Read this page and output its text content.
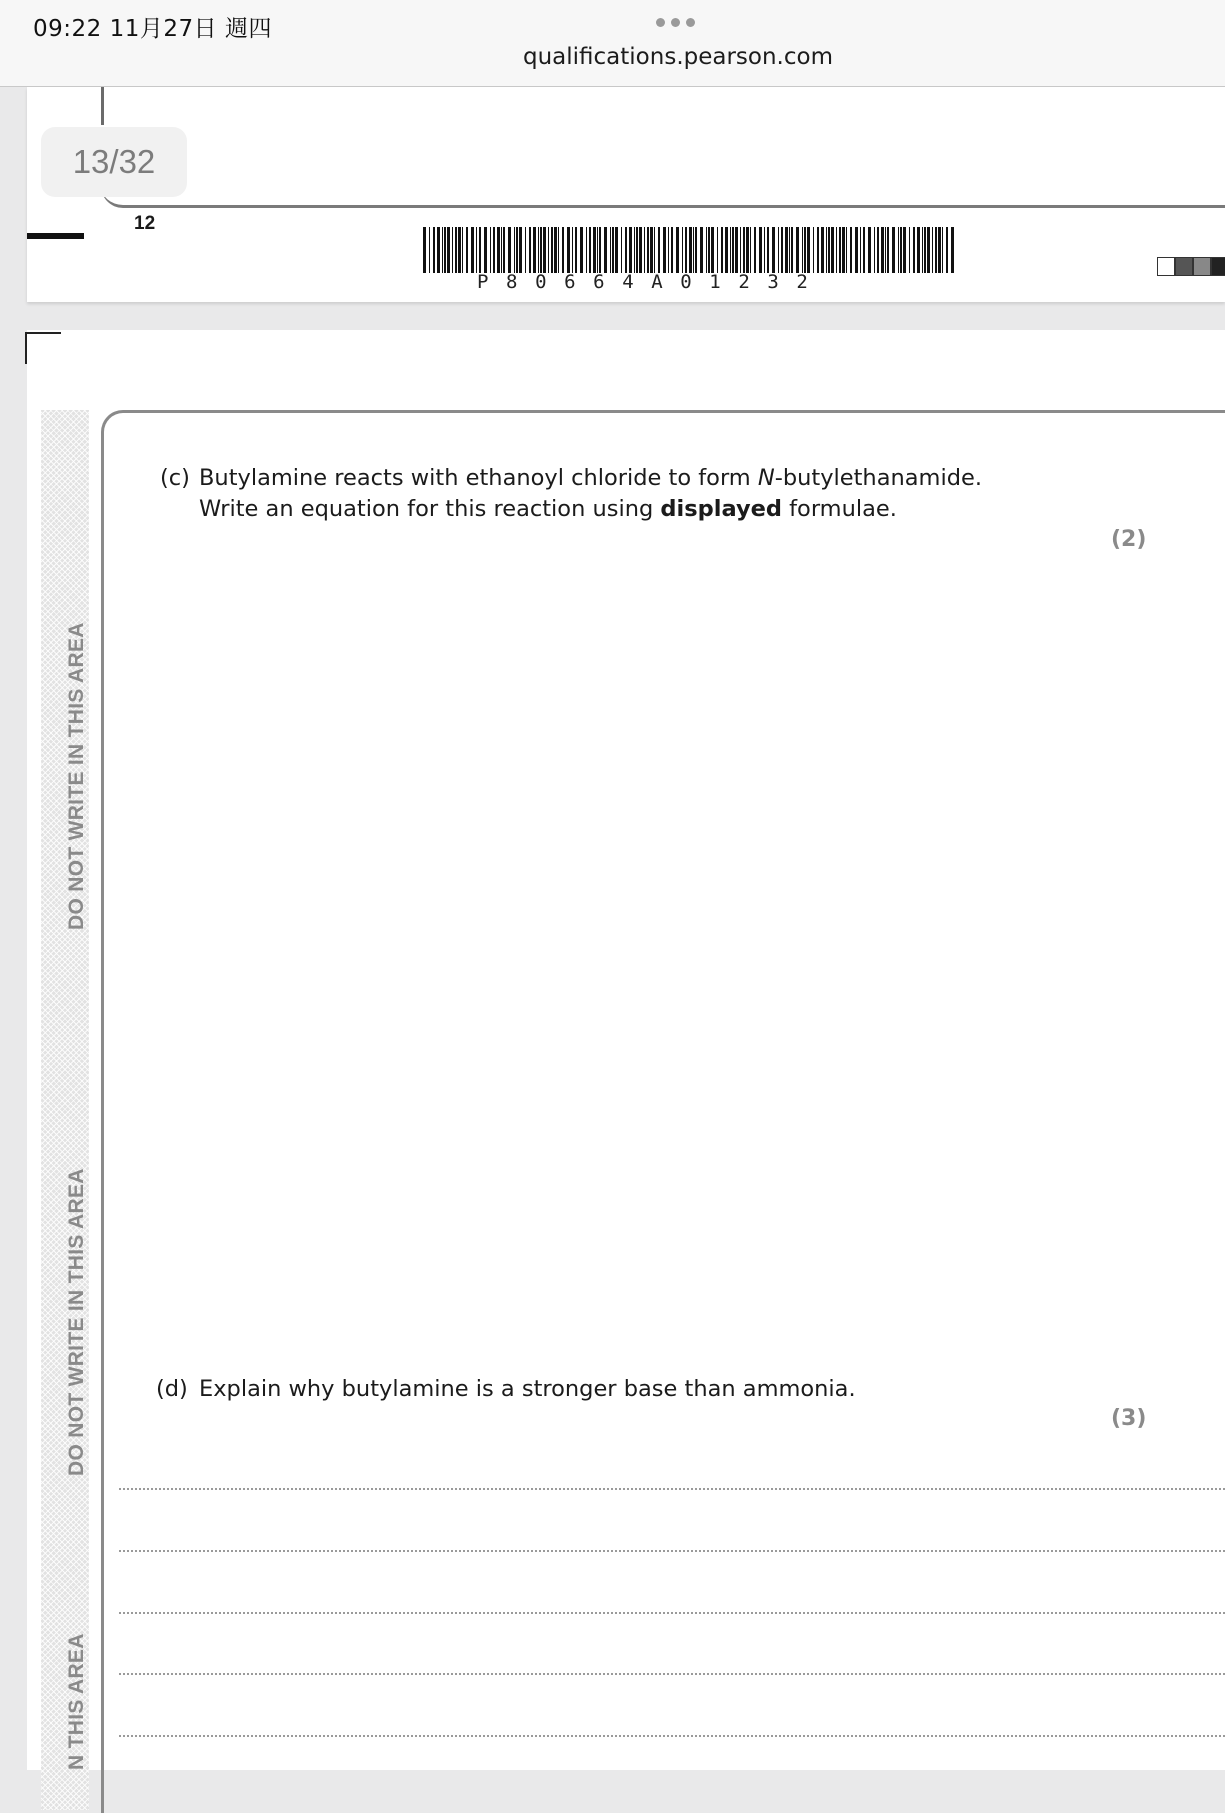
09:22 11月27日 週四
qualifications.pearson.com
13/32
12
P80664A01232
DO NOT WRITE IN THIS AREA
DO NOT WRITE IN THIS AREA
N THIS AREA
(c) Butylamine reacts with ethanoyl chloride to form N-butylethanamide.
Write an equation for this reaction using displayed formulae.
(2)
(d) Explain why butylamine is a stronger base than ammonia.
(3)
